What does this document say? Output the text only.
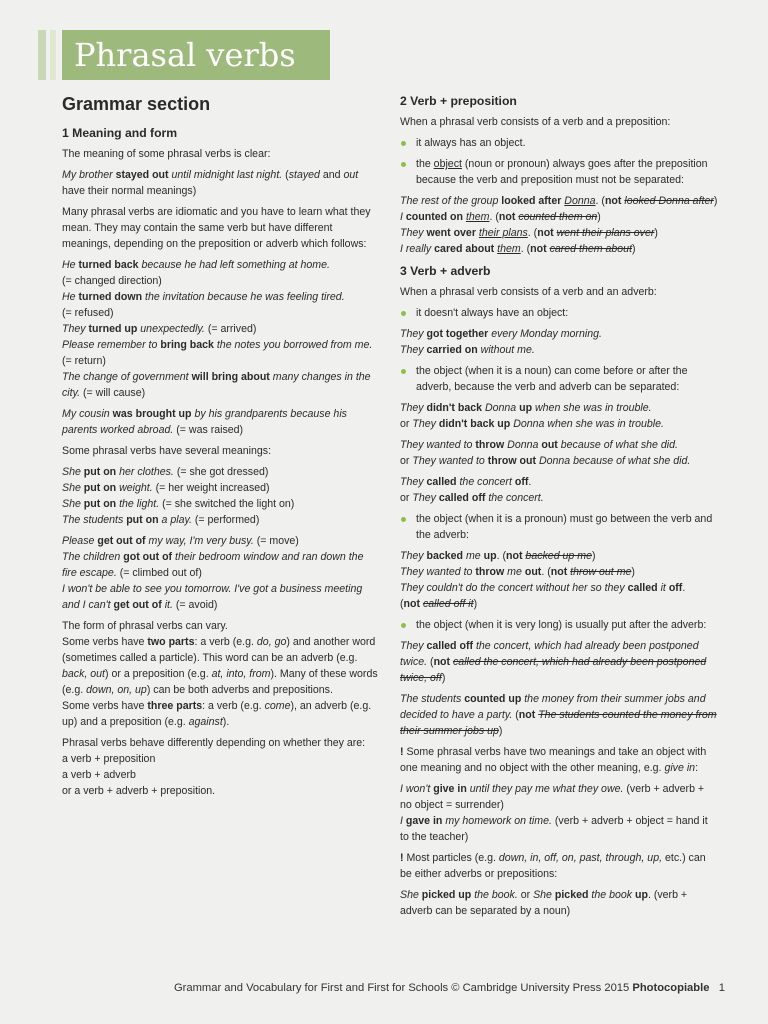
Phrasal verbs
Grammar section
1 Meaning and form

The meaning of some phrasal verbs is clear:

My brother stayed out until midnight last night. (stayed and out have their normal meanings)

Many phrasal verbs are idiomatic and you have to learn what they mean. They may contain the same verb but have different meanings, depending on the preposition or adverb which follows:

He turned back because he had left something at home.
(= changed direction)
He turned down the invitation because he was feeling tired.
(= refused)
They turned up unexpectedly. (= arrived)
Please remember to bring back the notes you borrowed from me.
(= return)
The change of government will bring about many changes in the city. (= will cause)

My cousin was brought up by his grandparents because his parents worked abroad. (= was raised)

Some phrasal verbs have several meanings:

She put on her clothes. (= she got dressed)
She put on weight. (= her weight increased)
She put on the light. (= she switched the light on)
The students put on a play. (= performed)
Please get out of my way, I'm very busy. (= move)
The children got out of their bedroom window and ran down the fire escape. (= climbed out of)
I won't be able to see you tomorrow. I've got a business meeting and I can't get out of it. (= avoid)
The form of phrasal verbs can vary.
Some verbs have two parts: a verb (e.g. do, go) and another word (sometimes called a particle). This word can be an adverb (e.g. back, out) or a preposition (e.g. at, into, from). Many of these words (e.g. down, on, up) can be both adverbs and prepositions.
Some verbs have three parts: a verb (e.g. come), an adverb (e.g. up) and a preposition (e.g. against).
Phrasal verbs behave differently depending on whether they are:
a verb + preposition
a verb + adverb
or a verb + adverb + preposition.
2 Verb + preposition

When a phrasal verb consists of a verb and a preposition:

it always has an object.
the object (noun or pronoun) always goes after the preposition because the verb and preposition must not be separated:
The rest of the group looked after Donna. (not looked Donna after)
I counted on them. (not counted them on)
They went over their plans. (not went their plans over)
I really cared about them. (not cared them about)
3 Verb + adverb

When a phrasal verb consists of a verb and an adverb:

it doesn't always have an object:
They got together every Monday morning.
They carried on without me.
the object (when it is a noun) can come before or after the adverb, because the verb and adverb can be separated:
They didn't back Donna up when she was in trouble.
or They didn't back up Donna when she was in trouble.
They wanted to throw Donna out because of what she did.
or They wanted to throw out Donna because of what she did.
They called the concert off.
or They called off the concert.
the object (when it is a pronoun) must go between the verb and the adverb:
They backed me up. (not backed up me)
They wanted to throw me out. (not throw out me)
They couldn't do the concert without her so they called it off.
(not called off it)
the object (when it is very long) is usually put after the adverb:

They called off the concert, which had already been postponed twice. (not called the concert, which had already been postponed twice, off)

The students counted up the money from their summer jobs and decided to have a party. (not The students counted the money from their summer jobs up)

! Some phrasal verbs have two meanings and take an object with one meaning and no object with the other meaning, e.g. give in:

I won't give in until they pay me what they owe. (verb + adverb + no object = surrender)
I gave in my homework on time. (verb + adverb + object = hand it to the teacher)

! Most particles (e.g. down, in, off, on, past, through, up, etc.) can be either adverbs or prepositions:

She picked up the book. or She picked the book up. (verb + adverb can be separated by a noun)

Grammar and Vocabulary for First and First for Schools © Cambridge University Press 2015 Photocopiable 1
